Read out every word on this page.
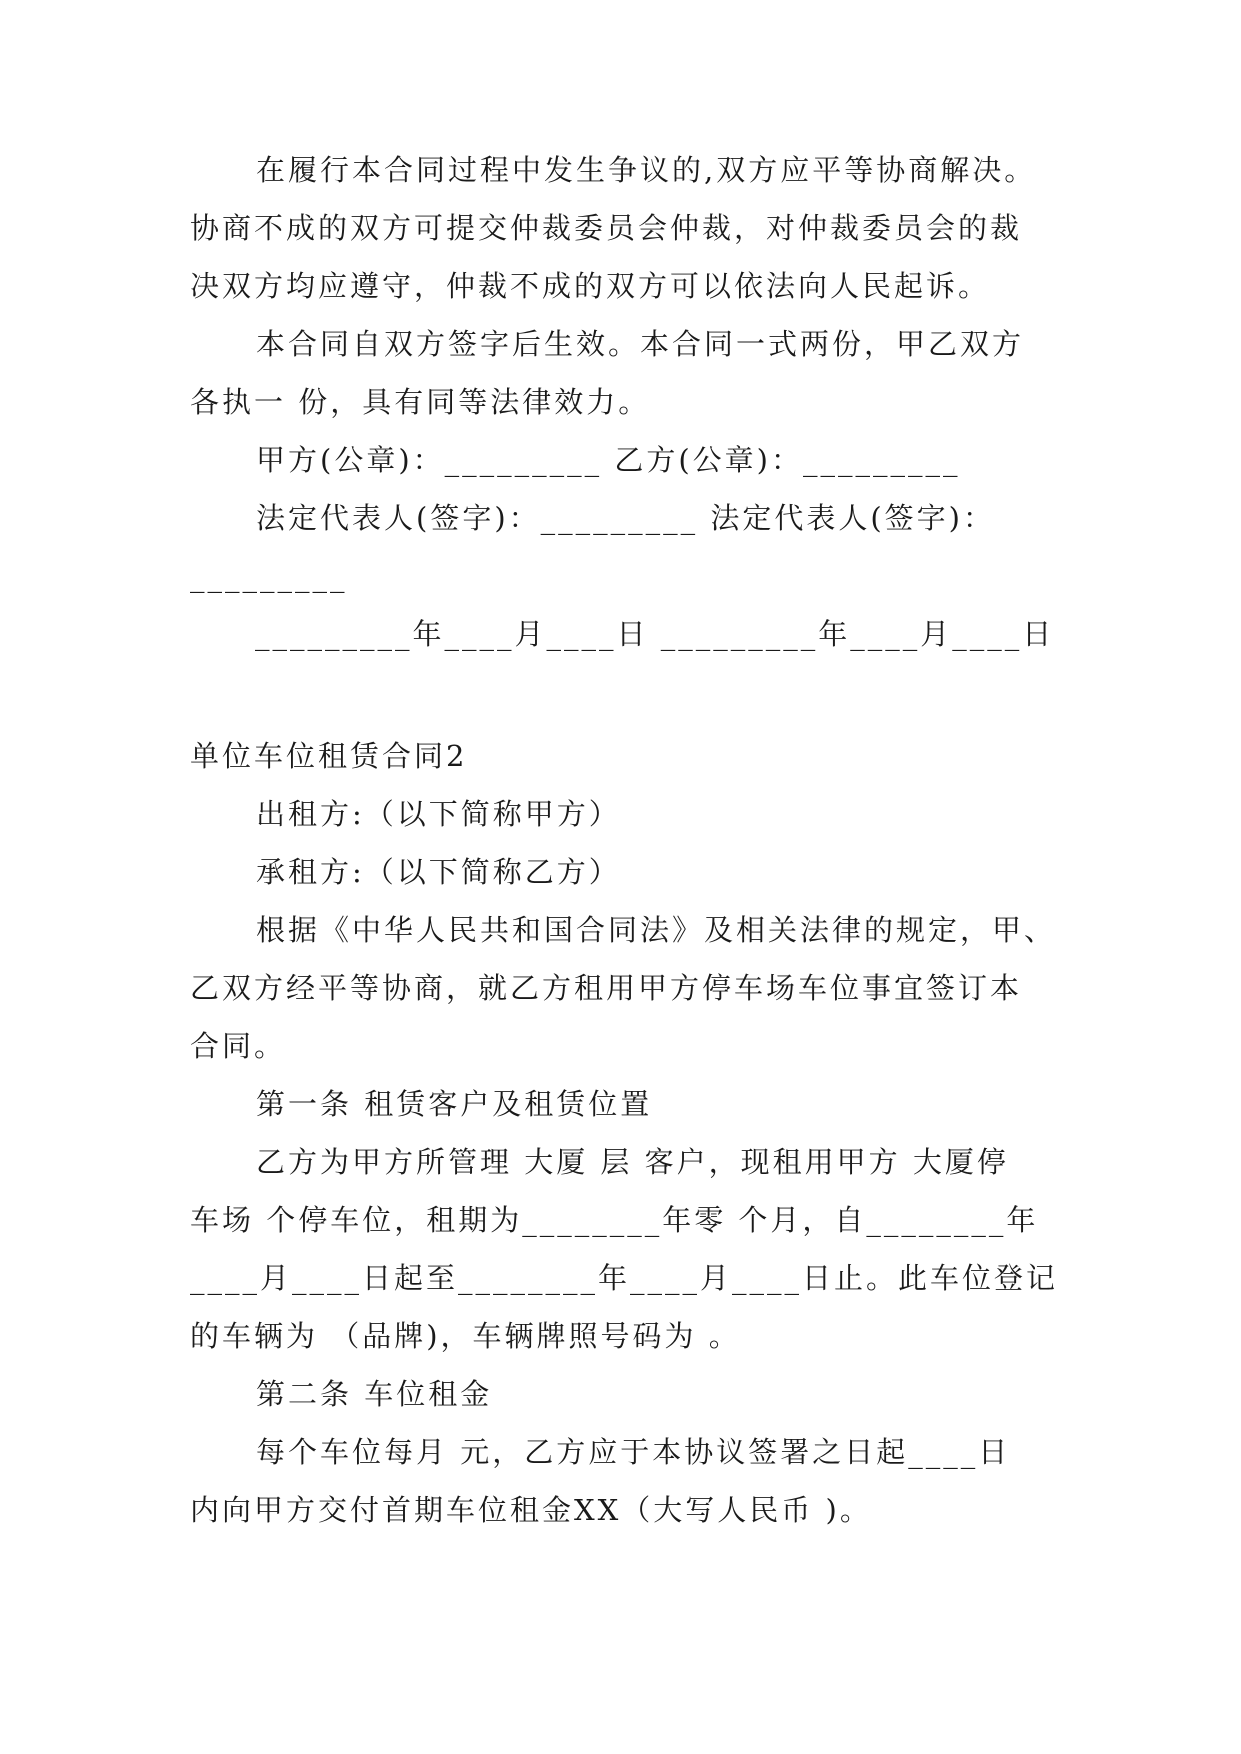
在履行本合同过程中发生争议的,双方应平等协商解决。
协商不成的双方可提交仲裁委员会仲裁，对仲裁委员会的裁
决双方均应遵守，仲裁不成的双方可以依法向人民起诉。
本合同自双方签字后生效。本合同一式两份，甲乙双方
各执一 份，具有同等法律效力。
甲方(公章)：_________ 乙方(公章)：_________
法定代表人(签字)：_________ 法定代表人(签字)：
_________
_________年____月____日 _________年____月____日
单位车位租赁合同2
出租方:（以下简称甲方）
承租方:（以下简称乙方）
根据《中华人民共和国合同法》及相关法律的规定，甲、
乙双方经平等协商，就乙方租用甲方停车场车位事宜签订本
合同。
第一条 租赁客户及租赁位置
乙方为甲方所管理 大厦 层 客户，现租用甲方 大厦停
车场 个停车位，租期为________年零 个月，自________年
____月____日起至________年____月____日止。此车位登记
的车辆为 （品牌)，车辆牌照号码为 。
第二条 车位租金
每个车位每月 元，乙方应于本协议签署之日起____日
内向甲方交付首期车位租金XX（大写人民币 )。
